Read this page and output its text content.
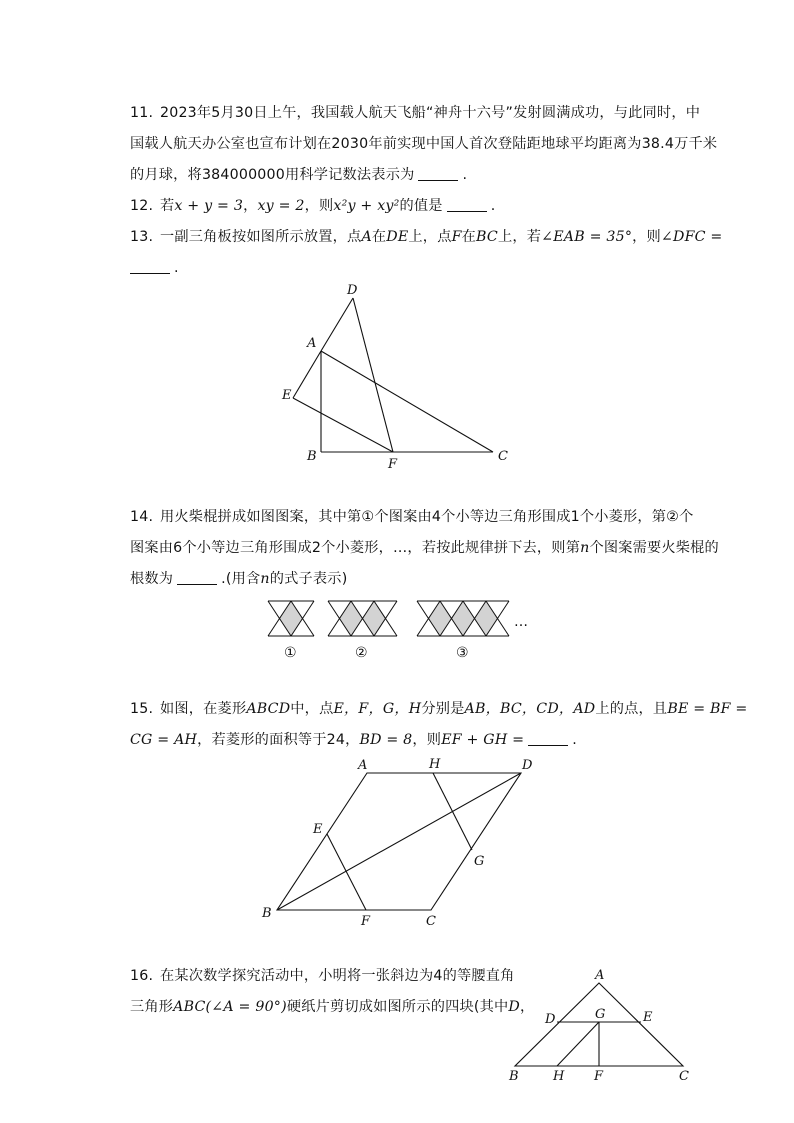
11. 2023年5月30日上午，我国载人航天飞船“神舟十六号”发射圆满成功，与此同时，中
国载人航天办公室也宣布计划在2030年前实现中国人首次登陆距地球平均距离为38.4万千米
的月球，将384000000用科学记数法表示为	.
12. 若x + y = 3，xy = 2，则x²y + xy²的值是	.
13. 一副三角板按如图所示放置，点A在DE上，点F在BC上，若∠EAB = 35°，则∠DFC =
.
D
A
E
B
F
C
…
①	②	③
A	H	D
E
G
B
F	C
A
D	G	E
B	H F	C
14. 用火柴棍拼成如图图案，其中第①个图案由4个小等边三角形围成1个小菱形，第②个
图案由6个小等边三角形围成2个小菱形，…，若按此规律拼下去，则第n个图案需要火柴棍的
根数为	.(用含n的式子表示)
15. 如图，在菱形ABCD中，点E，F，G，H分别是AB，BC，CD，AD上的点，且BE = BF =
CG = AH，若菱形的面积等于24，BD = 8，则EF + GH =	.
16. 在某次数学探究活动中，小明将一张斜边为4的等腰直角
三角形ABC(∠A = 90°)硬纸片剪切成如图所示的四块(其中D，
